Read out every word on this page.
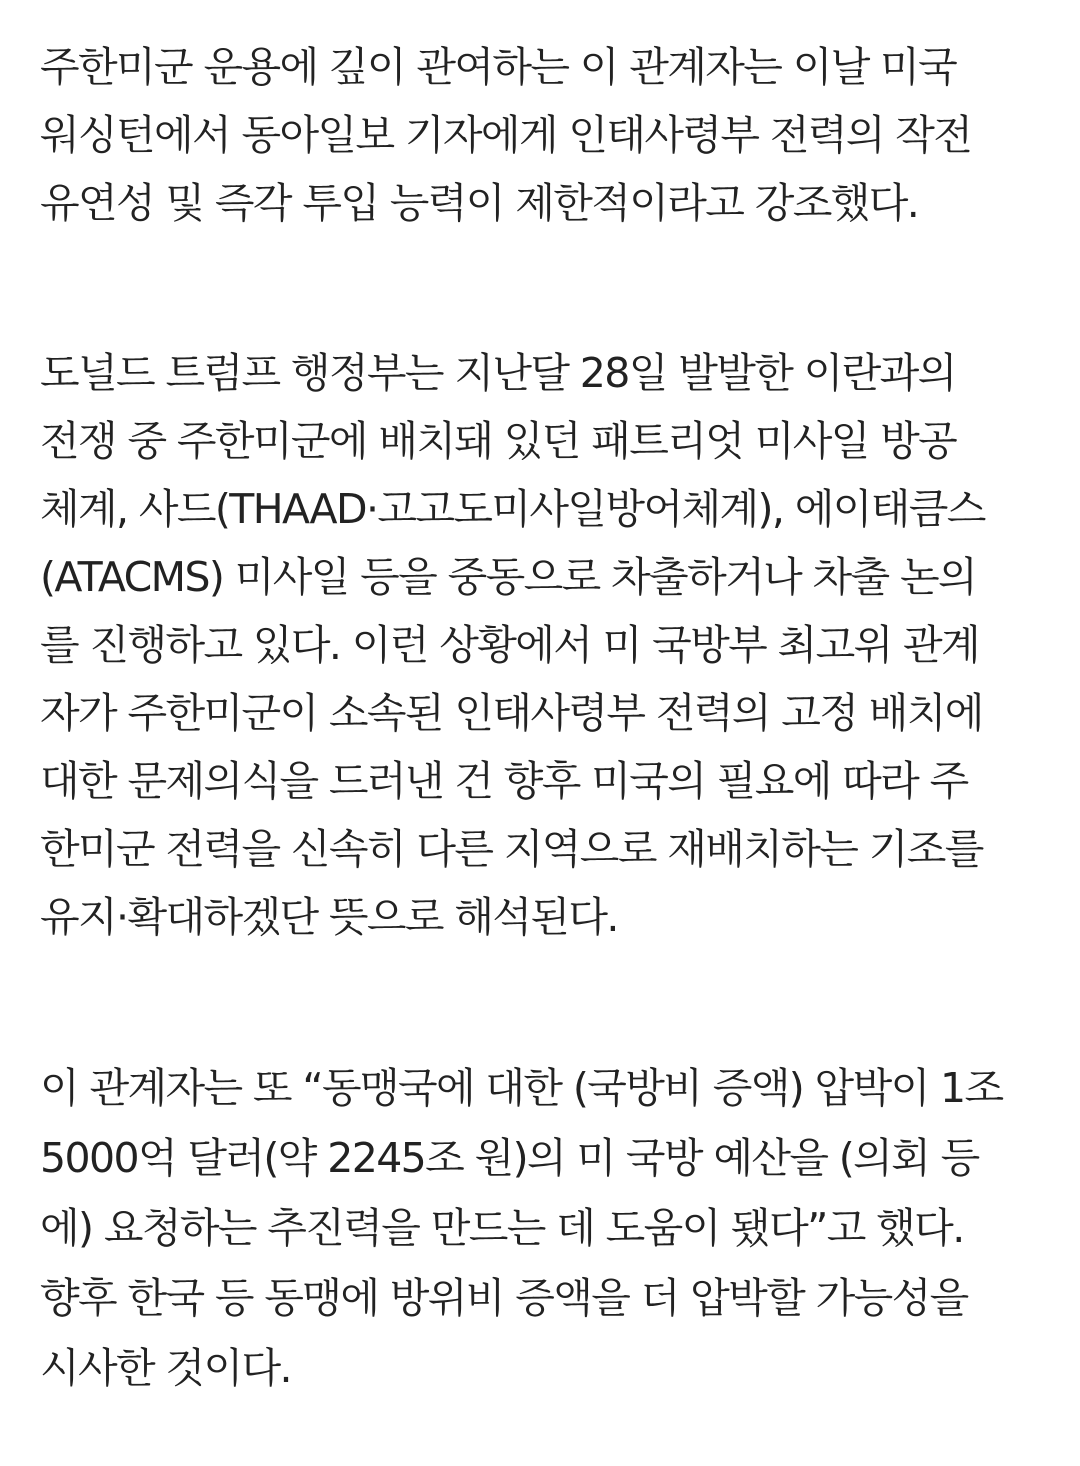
주한미군 운용에 깊이 관여하는 이 관계자는 이날 미국
워싱턴에서 동아일보 기자에게 인태사령부 전력의 작전
유연성 및 즉각 투입 능력이 제한적이라고 강조했다.

도널드 트럼프 행정부는 지난달 28일 발발한 이란과의
전쟁 중 주한미군에 배치돼 있던 패트리엇 미사일 방공
체계, 사드(THAAD·고고도미사일방어체계), 에이태큼스
(ATACMS) 미사일 등을 중동으로 차출하거나 차출 논의
를 진행하고 있다. 이런 상황에서 미 국방부 최고위 관계
자가 주한미군이 소속된 인태사령부 전력의 고정 배치에
대한 문제의식을 드러낸 건 향후 미국의 필요에 따라 주
한미군 전력을 신속히 다른 지역으로 재배치하는 기조를
유지·확대하겠단 뜻으로 해석된다.

이 관계자는 또 “동맹국에 대한 (국방비 증액) 압박이 1조
5000억 달러(약 2245조 원)의 미 국방 예산을 (의회 등
에) 요청하는 추진력을 만드는 데 도움이 됐다”고 했다.
향후 한국 등 동맹에 방위비 증액을 더 압박할 가능성을
시사한 것이다.
